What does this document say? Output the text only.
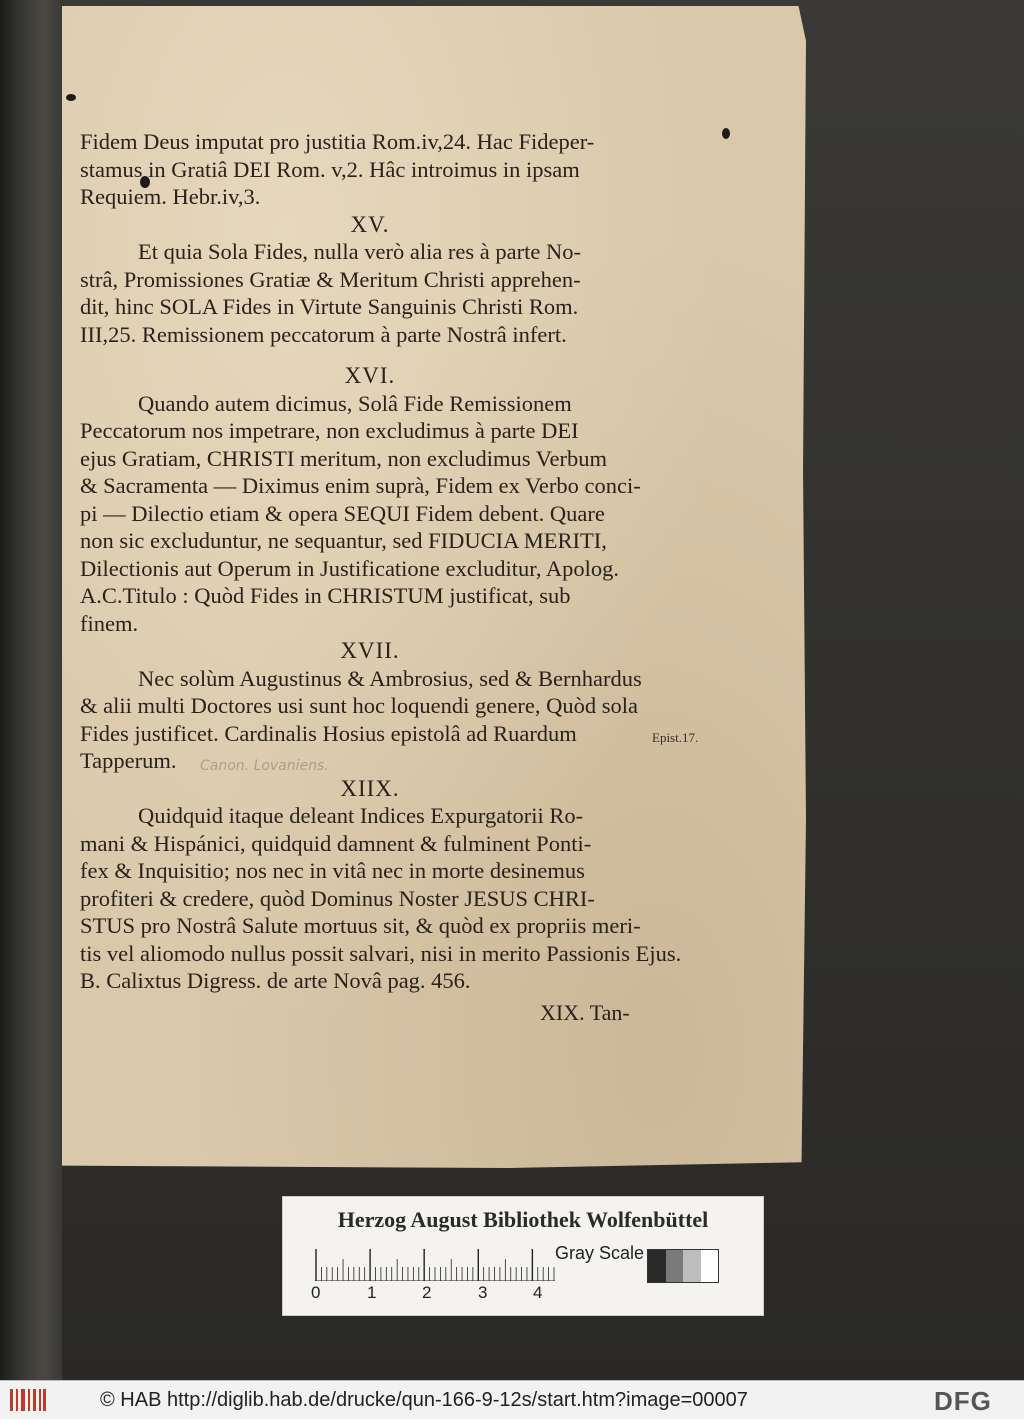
Fidem Deus imputat pro justitia Rom.iv,24. Hac Fideper-
stamus in Gratiâ DEI Rom. v,2. Hâc introimus in ipsam
Requiem. Hebr.iv,3.
XV.
Et quia Sola Fides, nulla verò alia res à parte No-
strâ, Promissiones Gratiæ & Meritum Christi apprehen-
dit, hinc SOLA Fides in Virtute Sanguinis Christi Rom.
III,25. Remissionem peccatorum à parte Nostrâ infert.
XVI.
Quando autem dicimus, Solâ Fide Remissionem
Peccatorum nos impetrare, non excludimus à parte DEI
ejus Gratiam, CHRISTI meritum, non excludimus Verbum
& Sacramenta — Diximus enim suprà, Fidem ex Verbo conci-
pi — Dilectio etiam & opera SEQUI Fidem debent. Quare
non sic excluduntur, ne sequantur, sed FIDUCIA MERITI,
Dilectionis aut Operum in Justificatione excluditur, Apolog.
A.C.Titulo : Quòd Fides in CHRISTUM justificat, sub
finem.
XVII.
Nec solùm Augustinus & Ambrosius, sed & Bernhardus
& alii multi Doctores usi sunt hoc loquendi genere, Quòd sola
Fides justificet. Cardinalis Hosius epistolâ ad Ruardum
Tapperum.
XIIX.
Quidquid itaque deleant Indices Expurgatorii Ro-
mani & Hispánici, quidquid damnent & fulminent Ponti-
fex & Inquisitio; nos nec in vitâ nec in morte desinemus
profiteri & credere, quòd Dominus Noster JESUS CHRI-
STUS pro Nostrâ Salute mortuus sit, & quòd ex propriis meri-
tis vel aliomodo nullus possit salvari, nisi in merito Passionis Ejus.
B. Calixtus Digress. de arte Novâ pag. 456.
Canon. Lovaniens.
Epist.17.
XIX. Tan-
Herzog August Bibliothek Wolfenbüttel
Gray Scale
0	1	2	3	4
© HAB http://diglib.hab.de/drucke/qun-166-9-12s/start.htm?image=00007	DFG
